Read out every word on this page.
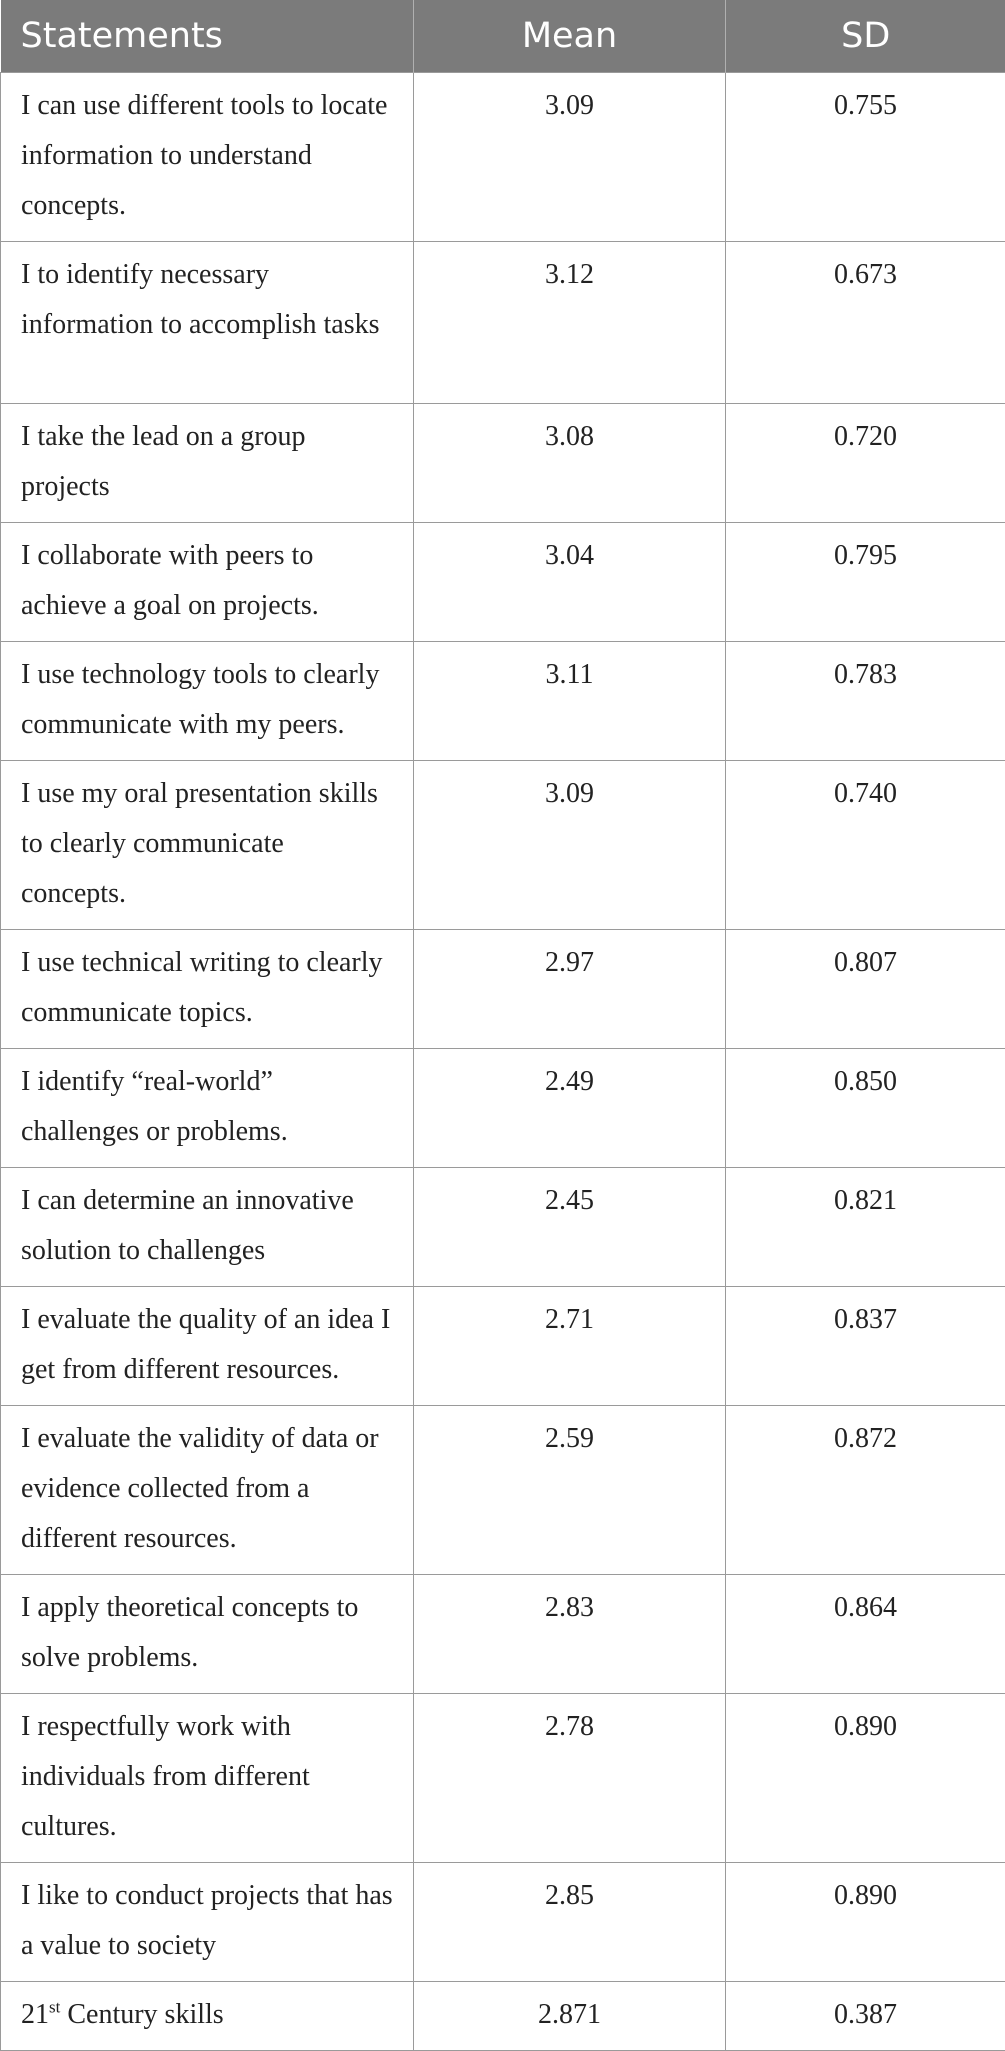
Statements	Mean	SD
I can use different tools to locate information to understand concepts.	3.09	0.755
I to identify necessary information to accomplish tasks	3.12	0.673
I take the lead on a group projects	3.08	0.720
I collaborate with peers to achieve a goal on projects.	3.04	0.795
I use technology tools to clearly communicate with my peers.	3.11	0.783
I use my oral presentation skills to clearly communicate concepts.	3.09	0.740
I use technical writing to clearly communicate topics.	2.97	0.807
I identify “real-world” challenges or problems.	2.49	0.850
I can determine an innovative solution to challenges	2.45	0.821
I evaluate the quality of an idea I get from different resources.	2.71	0.837
I evaluate the validity of data or evidence collected from a different resources.	2.59	0.872
I apply theoretical concepts to solve problems.	2.83	0.864
I respectfully work with individuals from different cultures.	2.78	0.890
I like to conduct projects that has a value to society	2.85	0.890
21st Century skills	2.871	0.387
